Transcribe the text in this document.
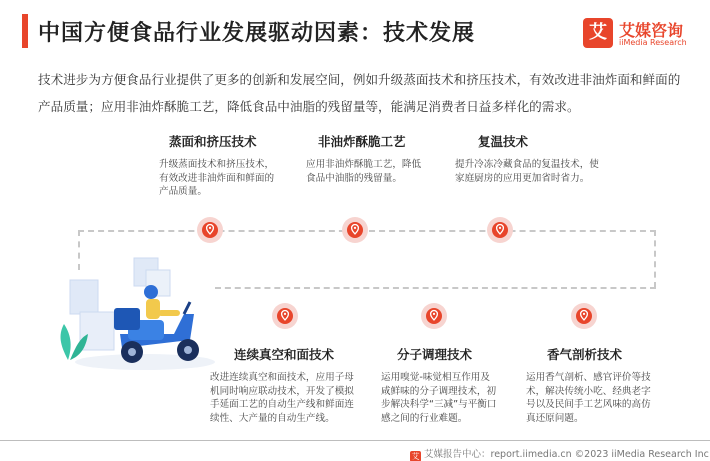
中国方便食品行业发展驱动因素：技术发展	艾 艾媒咨询
iiMedia Research
技术进步为方便食品行业提供了更多的创新和发展空间，例如升级蒸面技术和挤压技术，有效改进非油炸面和鲜面的产品质量；应用非油炸酥脆工艺，降低食品中油脂的残留量等，能满足消费者日益多样化的需求。
蒸面和挤压技术
升级蒸面技术和挤压技术，有效改进非油炸面和鲜面的产品质量。
非油炸酥脆工艺
应用非油炸酥脆工艺，降低食品中油脂的残留量。
复温技术
提升冷冻冷藏食品的复温技术，使家庭厨房的应用更加省时省力。
连续真空和面技术
改进连续真空和面技术，应用子母机同时响应联动技术，开发了模拟手延面工艺的自动生产线和鲜面连续性、大产量的自动生产线。
分子调理技术
运用嗅觉-味觉相互作用及咸鲜味的分子调理技术，初步解决科学“三减”与平衡口感之间的行业难题。
香气剖析技术
运用香气剖析、感官评价等技术，解决传统小吃、经典老字号以及民间手工艺风味的高仿真还原问题。
艾 艾媒报告中心：report.iimedia.cn ©2023 iiMedia Research Inc
